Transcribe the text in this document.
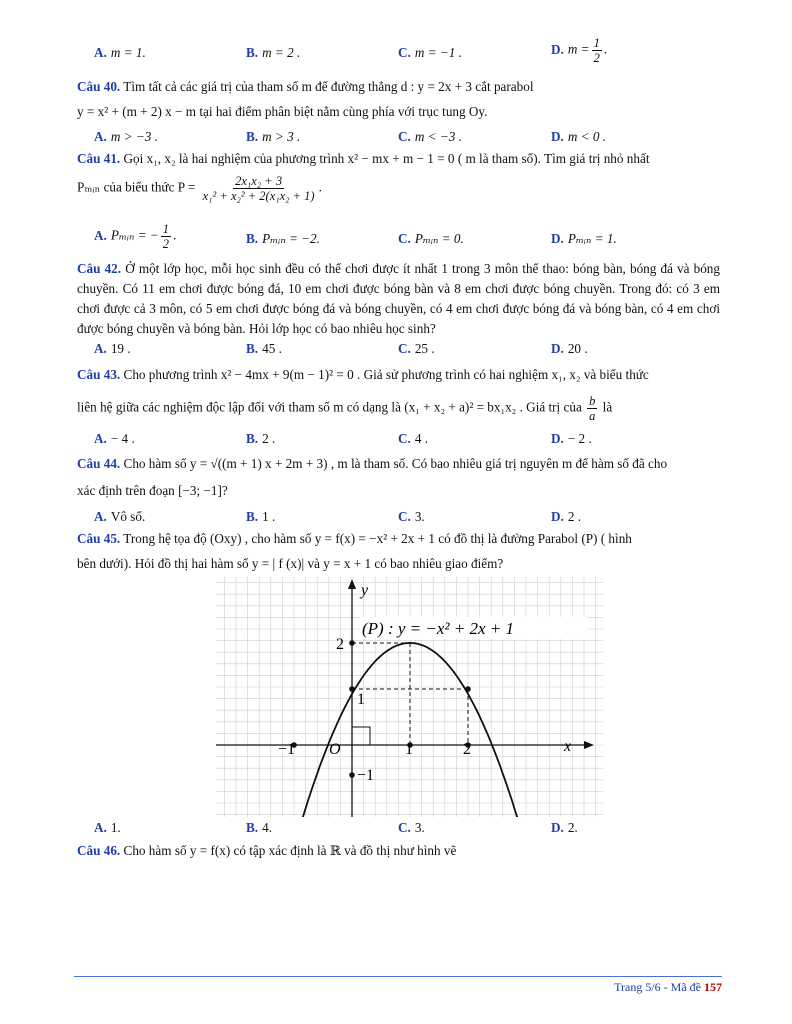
A. m = 1.	B. m = 2 .	C. m = −1 .	D. $m = \frac{1}{2}$ .
Câu 40. Tìm tất cả các giá trị của tham số m để đường thẳng d : y = 2x + 3 cắt parabol
y = x² + (m + 2) x − m tại hai điểm phân biệt nằm cùng phía với trục tung Oy.
A. m > −3 .	B. m > 3 .	C. m < −3 .	D. m < 0 .
Câu 41. Gọi x₁, x₂ là hai nghiệm của phương trình x² − mx + m − 1 = 0 ( m là tham số). Tìm giá trị nhỏ nhất
Pₘᵢₙ của biểu thức $P = \frac{\text{2x₁x₂ + 3}}{\text{x₁² + x₂² + 2(x₁x₂ + 1)}}$ .
A. Pₘᵢₙ = − $\frac{1}{2}$ .	B. Pₘᵢₙ = −2.	C. Pₘᵢₙ = 0.	D. Pₘᵢₙ = 1.
Câu 42. Ở một lớp học, mỗi học sinh đều có thể chơi được ít nhất 1 trong 3 môn thể thao: bóng bàn, bóng đá và bóng chuyền. Có 11 em chơi được bóng đá, 10 em chơi được bóng bàn và 8 em chơi được bóng chuyền. Trong đó: có 3 em chơi được cả 3 môn, có 5 em chơi được bóng đá và bóng chuyền, có 4 em chơi được bóng đá và bóng bàn, có 4 em chơi được bóng chuyền và bóng bàn. Hỏi lớp học có bao nhiêu học sinh?
A. 19 .	B. 45 .	C. 25 .	D. 20 .
Câu 43. Cho phương trình x² − 4mx + 9(m − 1)² = 0 . Giả sử phương trình có hai nghiệm x₁, x₂ và biểu thức
liên hệ giữa các nghiệm độc lập đối với tham số m có dạng là (x₁ + x₂ + a)² = bx₁x₂ . Giá trị của $\frac{b}{a}$ là
A. − 4 .	B. 2 .	C. 4 .	D. − 2 .
Câu 44. Cho hàm số y = √((m + 1) x + 2m + 3) , m là tham số. Có bao nhiêu giá trị nguyên m để hàm số đã cho
xác định trên đoạn [−3; −1]?
A. Vô số.	B. 1 .	C. 3.	D. 2 .
Câu 45. Trong hệ tọa độ (Oxy) , cho hàm số y = f(x) = −x² + 2x + 1 có đồ thị là đường Parabol (P) ( hình
bên dưới). Hỏi đồ thị hai hàm số y = | f (x)| và y = x + 1 có bao nhiêu giao điểm?
y
x
O
−1	1	2
2
1
−1
(P) : y = −x² + 2x + 1
A. 1.	B. 4.	C. 3.	D. 2.
Câu 46. Cho hàm số y = f(x) có tập xác định là ℝ và đồ thị như hình vẽ
Trang 5/6 - Mã đề 157
